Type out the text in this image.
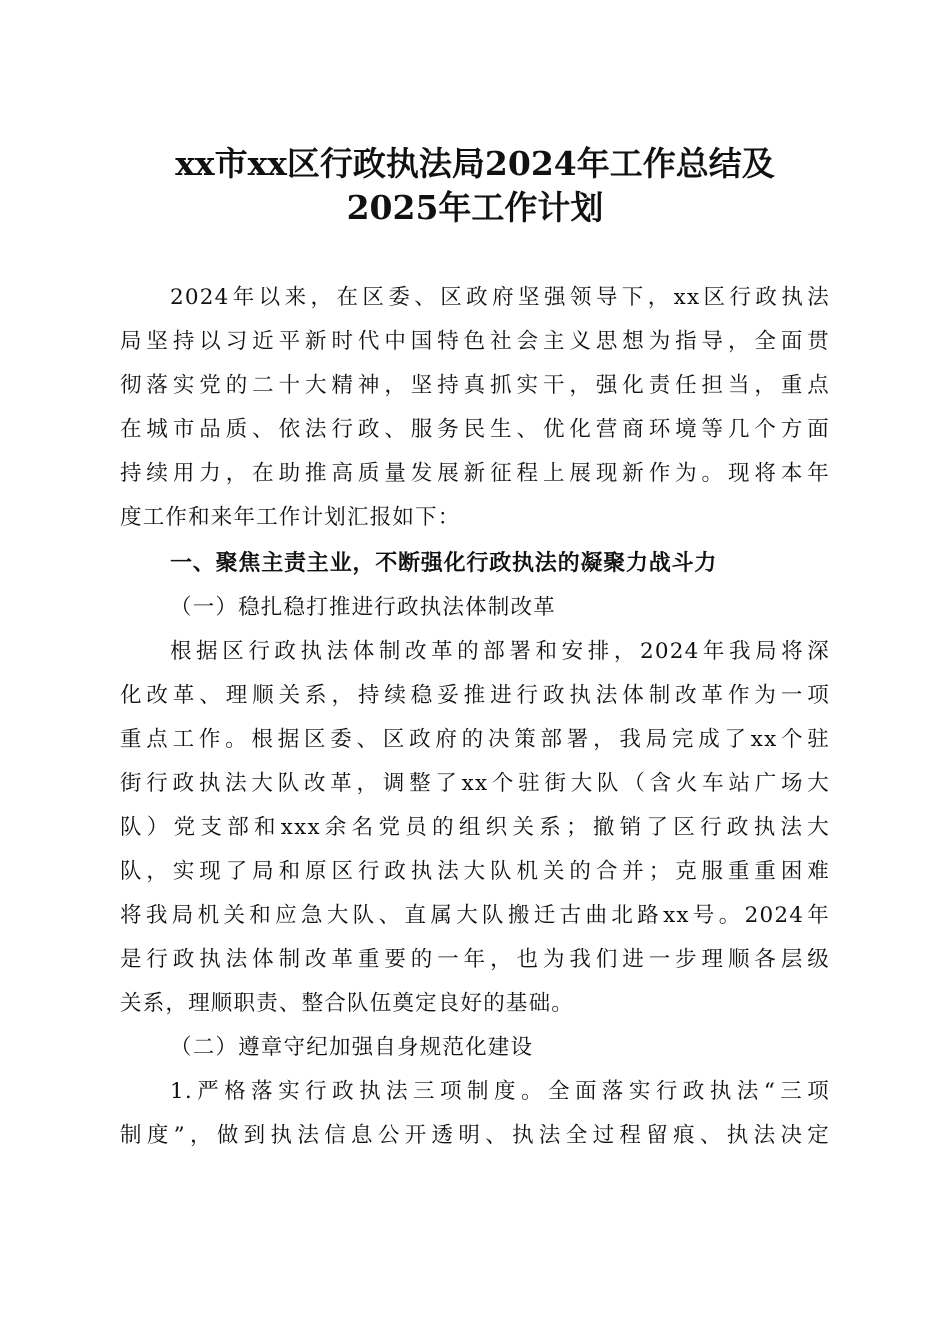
xx市xx区行政执法局2024年工作总结及
2025年工作计划

2024年以来，在区委、区政府坚强领导下，xx区行政执法

局坚持以习近平新时代中国特色社会主义思想为指导，全面贯

彻落实党的二十大精神，坚持真抓实干，强化责任担当，重点

在城市品质、依法行政、服务民生、优化营商环境等几个方面

持续用力，在助推高质量发展新征程上展现新作为。现将本年

度工作和来年工作计划汇报如下：

一、聚焦主责主业，不断强化行政执法的凝聚力战斗力

（一）稳扎稳打推进行政执法体制改革

根据区行政执法体制改革的部署和安排，2024年我局将深

化改革、理顺关系，持续稳妥推进行政执法体制改革作为一项

重点工作。根据区委、区政府的决策部署，我局完成了xx个驻

街行政执法大队改革，调整了xx个驻街大队（含火车站广场大

队）党支部和xxx余名党员的组织关系；撤销了区行政执法大

队，实现了局和原区行政执法大队机关的合并；克服重重困难

将我局机关和应急大队、直属大队搬迁古曲北路xx号。2024年

是行政执法体制改革重要的一年，也为我们进一步理顺各层级

关系，理顺职责、整合队伍奠定良好的基础。

（二）遵章守纪加强自身规范化建设

1.严格落实行政执法三项制度。全面落实行政执法“三项

制度”，做到执法信息公开透明、执法全过程留痕、执法决定
